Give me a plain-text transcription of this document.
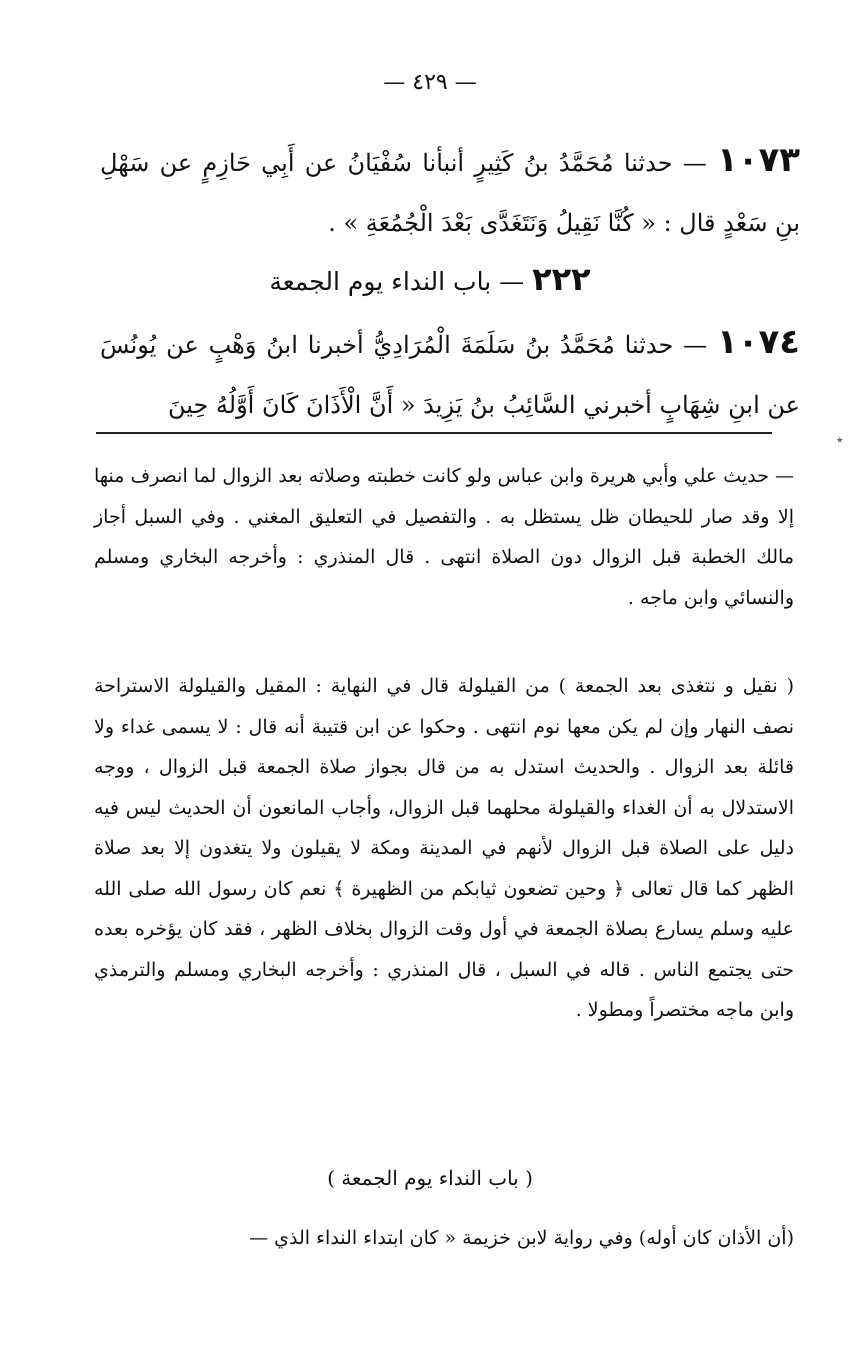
— ٤٢٩ —
١٠٧٣ — حدثنا مُحَمَّدُ بنُ كَثِيرٍ أنبأنا سُفْيَانُ عن أَبِي حَازِمٍ عن سَهْلِ بنِ سَعْدٍ قال : « كُنَّا نَقِيلُ وَنَتَغَدَّى بَعْدَ الْجُمُعَةِ » .
٢٢٢ — باب النداء يوم الجمعة
١٠٧٤ — حدثنا مُحَمَّدُ بنُ سَلَمَةَ الْمُرَادِيُّ أخبرنا ابنُ وَهْبٍ عن يُونُسَ عن ابنِ شِهَابٍ أخبرني السَّائِبُ بنُ يَزِيدَ « أَنَّ الْأَذَانَ كَانَ أَوَّلُهُ حِينَ
٭

— حديث علي وأبي هريرة وابن عباس ولو كانت خطبته وصلاته بعد الزوال لما انصرف منها إلا وقد صار للحيطان ظل يستظل به . والتفصيل في التعليق المغني . وفي السبل أجاز مالك الخطبة قبل الزوال دون الصلاة انتهى . قال المنذري : وأخرجه البخاري ومسلم والنسائي وابن ماجه .

( نقيل و نتغذى بعد الجمعة ) من القيلولة قال في النهاية : المقيل والقيلولة الاستراحة نصف النهار وإن لم يكن معها نوم انتهى . وحكوا عن ابن قتيبة أنه قال : لا يسمى غداء ولا قائلة بعد الزوال . والحديث استدل به من قال بجواز صلاة الجمعة قبل الزوال ، ووجه الاستدلال به أن الغداء والقيلولة محلهما قبل الزوال، وأجاب المانعون أن الحديث ليس فيه دليل على الصلاة قبل الزوال لأنهم في المدينة ومكة لا يقيلون ولا يتغدون إلا بعد صلاة الظهر كما قال تعالى ﴿ وحين تضعون ثيابكم من الظهيرة ﴾ نعم كان رسول الله صلى الله عليه وسلم يسارع بصلاة الجمعة في أول وقت الزوال بخلاف الظهر ، فقد كان يؤخره بعده حتى يجتمع الناس . قاله في السبل ، قال المنذري : وأخرجه البخاري ومسلم والترمذي وابن ماجه مختصراً ومطولا .

( باب النداء يوم الجمعة )
(أن الأذان كان أوله) وفي رواية لابن خزيمة « كان ابتداء النداء الذي —
